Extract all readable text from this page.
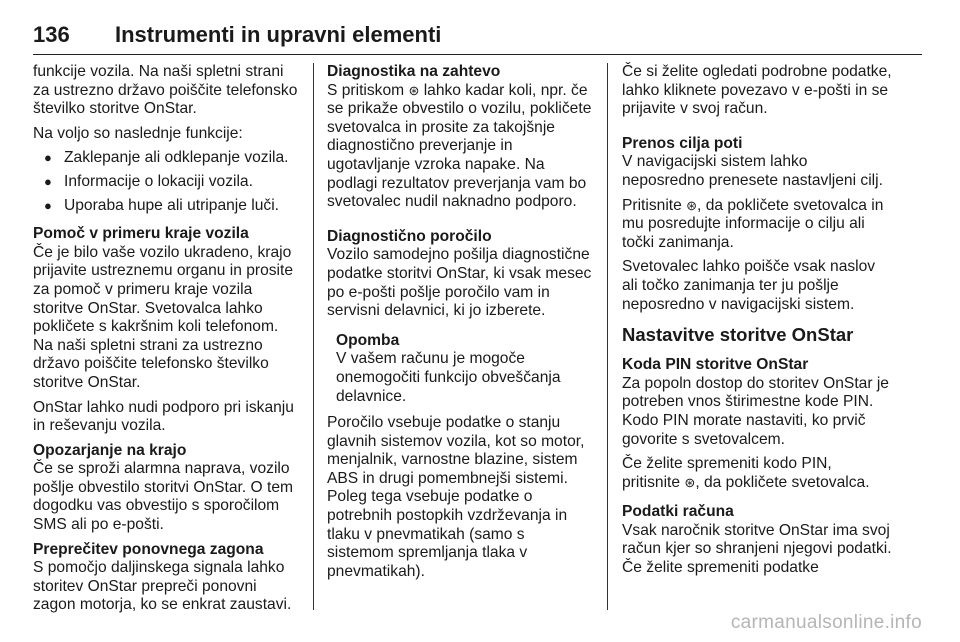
136 Instrumenti in upravni elementi

funkcije vozila. Na naši spletni strani za ustrezno državo poiščite telefonsko številko storitve OnStar.

Na voljo so naslednje funkcije:

● Zaklepanje ali odklepanje vozila.
● Informacije o lokaciji vozila.
● Uporaba hupe ali utripanje luči.

Pomoč v primeru kraje vozila

Če je bilo vaše vozilo ukradeno, krajo prijavite ustreznemu organu in prosite za pomoč v primeru kraje vozila storitve OnStar. Svetovalca lahko pokličete s kakršnim koli telefonom. Na naši spletni strani za ustrezno državo poiščite telefonsko številko storitve OnStar.

OnStar lahko nudi podporo pri iskanju in reševanju vozila.

Opozarjanje na krajo

Če se sproži alarmna naprava, vozilo pošlje obvestilo storitvi OnStar. O tem dogodku vas obvestijo s sporočilom SMS ali po e-pošti.

Preprečitev ponovnega zagona

S pomočjo daljinskega signala lahko storitev OnStar prepreči ponovni zagon motorja, ko se enkrat zaustavi.

Diagnostika na zahtevo

S pritiskom ⊛ lahko kadar koli, npr. če se prikaže obvestilo o vozilu, pokličete svetovalca in prosite za takojšnje diagnostično preverjanje in ugotavljanje vzroka napake. Na podlagi rezultatov preverjanja vam bo svetovalec nudil naknadno podporo.

Diagnostično poročilo

Vozilo samodejno pošilja diagnostične podatke storitvi OnStar, ki vsak mesec po e-pošti pošlje poročilo vam in servisni delavnici, ki jo izberete.

Opomba

V vašem računu je mogoče onemogočiti funkcijo obveščanja delavnice.

Poročilo vsebuje podatke o stanju glavnih sistemov vozila, kot so motor, menjalnik, varnostne blazine, sistem ABS in drugi pomembnejši sistemi. Poleg tega vsebuje podatke o potrebnih postopkih vzdrževanja in tlaku v pnevmatikah (samo s sistemom spremljanja tlaka v pnevmatikah).

Če si želite ogledati podrobne podatke, lahko kliknete povezavo v e-pošti in se prijavite v svoj račun.

Prenos cilja poti

V navigacijski sistem lahko neposredno prenesete nastavljeni cilj.

Pritisnite ⊛, da pokličete svetovalca in mu posredujte informacije o cilju ali točki zanimanja.

Svetovalec lahko poišče vsak naslov ali točko zanimanja ter ju pošlje neposredno v navigacijski sistem.

Nastavitve storitve OnStar

Koda PIN storitve OnStar

Za popoln dostop do storitev OnStar je potreben vnos štirimestne kode PIN. Kodo PIN morate nastaviti, ko prvič govorite s svetovalcem.

Če želite spremeniti kodo PIN, pritisnite ⊛, da pokličete svetovalca.

Podatki računa

Vsak naročnik storitve OnStar ima svoj račun kjer so shranjeni njegovi podatki. Če želite spremeniti podatke

carmanualsonline.info
